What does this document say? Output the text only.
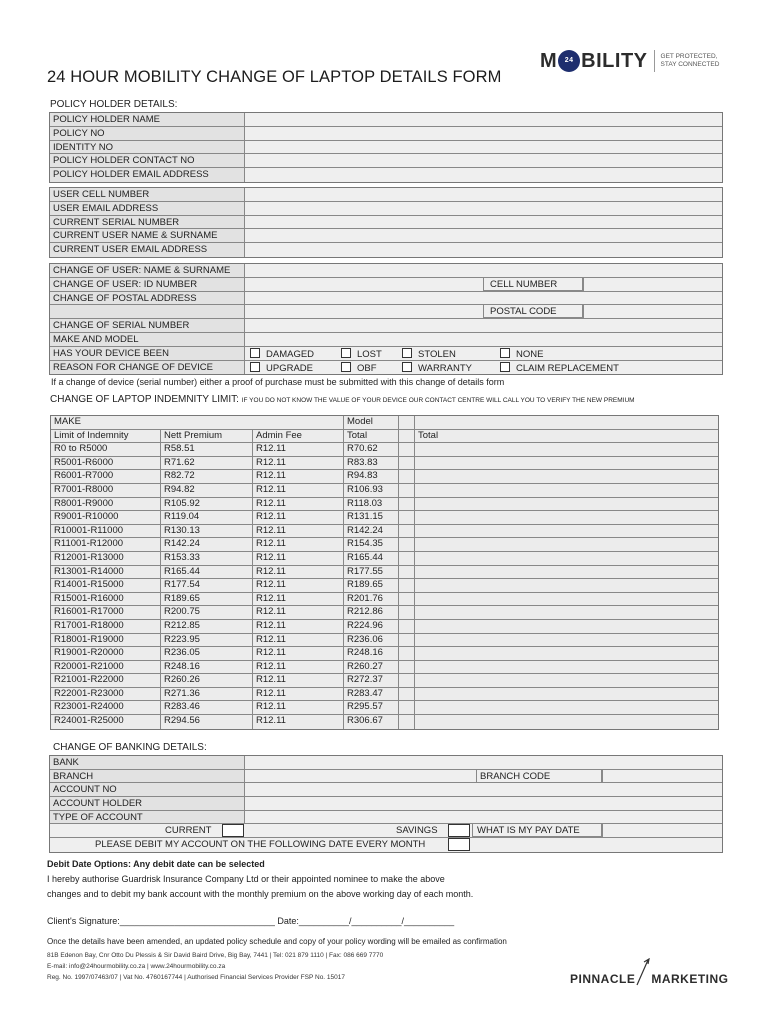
M	24 BILITY GET PROTECTED,
STAY CONNECTED
24 HOUR MOBILITY CHANGE OF LAPTOP DETAILS FORM
POLICY HOLDER DETAILS:
POLICY HOLDER NAME
POLICY NO
IDENTITY NO
POLICY HOLDER CONTACT NO
POLICY HOLDER EMAIL ADDRESS
USER CELL NUMBER
USER EMAIL ADDRESS
CURRENT SERIAL NUMBER
CURRENT USER NAME & SURNAME
CURRENT USER EMAIL ADDRESS
CHANGE OF USER: NAME & SURNAME
CHANGE OF USER: ID NUMBER	CELL NUMBER
CHANGE OF POSTAL ADDRESS
POSTAL CODE
CHANGE OF SERIAL NUMBER
MAKE AND MODEL
HAS YOUR DEVICE BEEN	DAMAGED	LOST	STOLEN	NONE
REASON FOR CHANGE OF DEVICE	UPGRADE	OBF	WARRANTY	CLAIM REPLACEMENT
If a change of device (serial number) either a proof of purchase must be submitted with this change of details form
CHANGE OF LAPTOP INDEMNITY LIMIT: IF YOU DO NOT KNOW THE VALUE OF YOUR DEVICE OUR CONTACT CENTRE WILL CALL YOU TO VERIFY THE NEW PREMIUM
MAKE	Model
Limit of Indemnity	Nett Premium	Admin Fee	Total	Total
R0 to R5000	R58.51	R12.11	R70.62
R5001-R6000	R71.62	R12.11	R83.83
R6001-R7000	R82.72	R12.11	R94.83
R7001-R8000	R94.82	R12.11	R106.93
R8001-R9000	R105.92	R12.11	R118.03
R9001-R10000	R119.04	R12.11	R131.15
R10001-R11000	R130.13	R12.11	R142.24
R11001-R12000	R142.24	R12.11	R154.35
R12001-R13000	R153.33	R12.11	R165.44
R13001-R14000	R165.44	R12.11	R177.55
R14001-R15000	R177.54	R12.11	R189.65
R15001-R16000	R189.65	R12.11	R201.76
R16001-R17000	R200.75	R12.11	R212.86
R17001-R18000	R212.85	R12.11	R224.96
R18001-R19000	R223.95	R12.11	R236.06
R19001-R20000	R236.05	R12.11	R248.16
R20001-R21000	R248.16	R12.11	R260.27
R21001-R22000	R260.26	R12.11	R272.37
R22001-R23000	R271.36	R12.11	R283.47
R23001-R24000	R283.46	R12.11	R295.57
R24001-R25000	R294.56	R12.11	R306.67
CHANGE OF BANKING DETAILS:
BANK
BRANCH	BRANCH CODE
ACCOUNT NO
ACCOUNT HOLDER
TYPE OF ACCOUNT
CURRENT	SAVINGS	WHAT IS MY PAY DATE
PLEASE DEBIT MY ACCOUNT ON THE FOLLOWING DATE EVERY MONTH
Debit Date Options: Any debit date can be selected
I hereby authorise Guardrisk Insurance Company Ltd or their appointed nominee to make the above
changes and to debit my bank account with the monthly premium on the above working day of each month.
Client's Signature:_______________________________ Date:__________/__________/__________
Once the details have been amended, an updated policy schedule and copy of your policy wording will be emailed as confirmation
81B Edenon Bay, Cnr Otto Du Plessis & Sir David Baird Drive, Big Bay, 7441 | Tel: 021 879 1110 | Fax: 086 669 7770
E-mail: info@24hourmobility.co.za | www.24hourmobility.co.za
Reg. No. 1997/07463/07 | Vat No. 4760167744 | Authorised Financial Services Provider FSP No. 15017	PINNACLE MARKETING
